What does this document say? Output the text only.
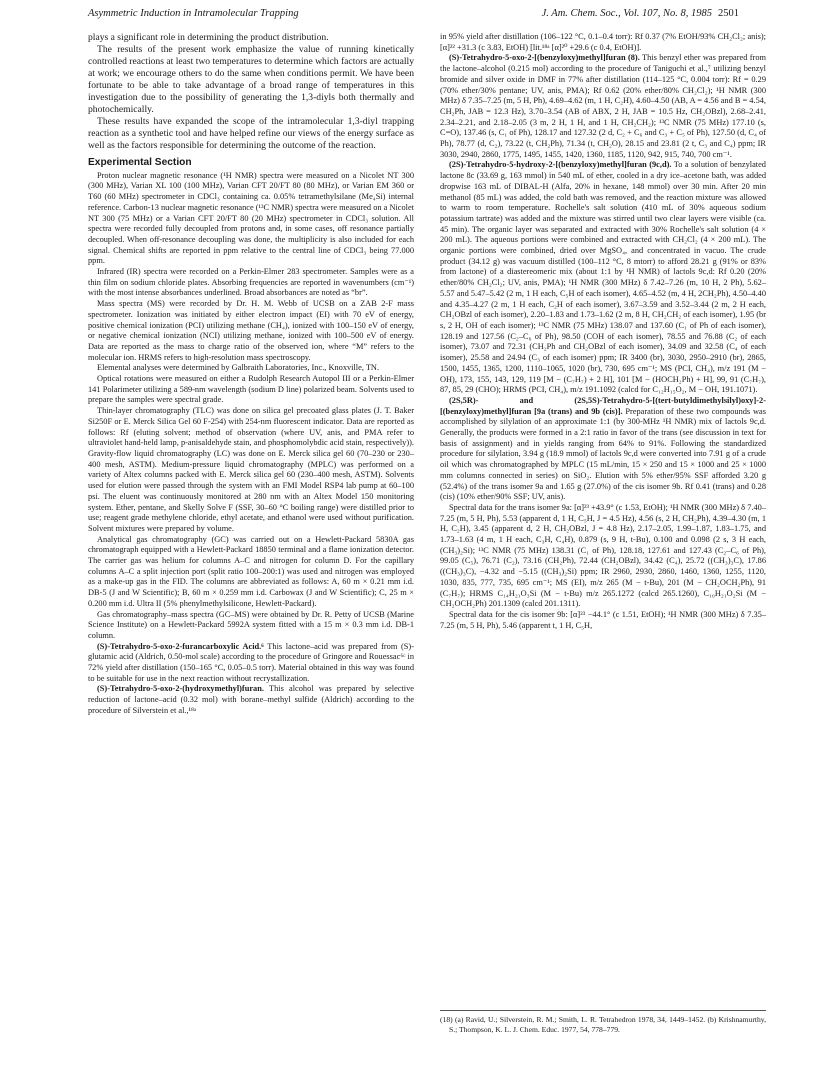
Asymmetric Induction in Intramolecular Trapping	J. Am. Chem. Soc., Vol. 107, No. 8, 1985 2501

plays a significant role in determining the product distribution.

The results of the present work emphasize the value of running kinetically controlled reactions at least two temperatures to determine which factors are actually at work; we encourage others to do the same when conditions permit. We have been fortunate to be able to take advantage of a broad range of temperatures in this investigation due to the possibility of generating the 1,3-diyls both thermally and photochemically.

These results have expanded the scope of the intramolecular 1,3-diyl trapping reaction as a synthetic tool and have helped refine our views of the energy surface as well as the factors responsible for determining the outcome of the reaction.

Experimental Section

Proton nuclear magnetic resonance (¹H NMR) spectra were measured on a Nicolet NT 300 (300 MHz), Varian XL 100 (100 MHz), Varian CFT 20/FT 80 (80 MHz), or Varian EM 360 or T60 (60 MHz) spectrometer in CDCl₃ containing ca. 0.05% tetramethylsilane (Me₄Si) internal reference. Carbon-13 nuclear magnetic resonance (¹³C NMR) spectra were measured on a Nicolet NT 300 (75 MHz) or a Varian CFT 20/FT 80 (20 MHz) spectrometer in CDCl₃ solution. All spectra were recorded fully decoupled from protons and, in some cases, off resonance partially decoupled. When off-resonance decoupling was done, the multiplicity is also included for each signal. Chemical shifts are reported in ppm relative to the central line of CDCl₃ being 77.000 ppm.

Infrared (IR) spectra were recorded on a Perkin-Elmer 283 spectrometer. Samples were as a thin film on sodium chloride plates. Absorbing frequencies are reported in wavenumbers (cm⁻¹) with the most intense absorbances underlined. Broad absorbances are noted as “br”.

Mass spectra (MS) were recorded by Dr. H. M. Webb of UCSB on a ZAB 2-F mass spectrometer. Ionization was initiated by either electron impact (EI) with 70 eV of energy, positive chemical ionization (PCI) utilizing methane (CH₄), ionized with 100–150 eV of energy, or negative chemical ionization (NCI) utilizing methane, ionized with 100–500 eV of energy. Data are reported as the mass to charge ratio of the observed ion, where “M” refers to the molecular ion. HRMS refers to high-resolution mass spectroscopy.

Elemental analyses were determined by Galbraith Laboratories, Inc., Knoxville, TN.

Optical rotations were measured on either a Rudolph Research Autopol III or a Perkin-Elmer 141 Polarimeter utilizing a 589-nm wavelength (sodium D line) polarized beam. Solvents used to prepare the samples were spectral grade.

Thin-layer chromatography (TLC) was done on silica gel precoated glass plates (J. T. Baker Si250F or E. Merck Silica Gel 60 F-254) with 254-nm fluorescent indicator. Data are reported as follows: Rf (eluting solvent; method of observation (where UV, anis, and PMA refer to ultraviolet hand-held lamp, p-anisaldehyde stain, and phosphomolybdic acid stain, respectively)). Gravity-flow liquid chromatography (LC) was done on E. Merck silica gel 60 (70–230 or 230–400 mesh, ASTM). Medium-pressure liquid chromatography (MPLC) was performed on a variety of Altex columns packed with E. Merck silica gel 60 (230–400 mesh, ASTM). Solvents used for elution were passed through the system with an FMI Model RSP4 lab pump at 60–100 psi. The eluent was continuously monitored at 280 nm with an Altex Model 150 monitoring system. Ether, pentane, and Skelly Solve F (SSF, 30–60 °C boiling range) were distilled prior to use; reagent grade methylene chloride, ethyl acetate, and ethanol were used without purification. Solvent mixtures were prepared by volume.

Analytical gas chromatography (GC) was carried out on a Hewlett-Packard 5830A gas chromatograph equipped with a Hewlett-Packard 18850 terminal and a flame ionization detector. The carrier gas was helium for columns A–C and nitrogen for column D. For the capillary columns A–C a split injection port (split ratio 100–200:1) was used and nitrogen was employed as a make-up gas in the FID. The columns are abbreviated as follows: A, 60 m × 0.21 mm i.d. DB-5 (J and W Scientific); B, 60 m × 0.259 mm i.d. Carbowax (J and W Scientific); C, 25 m × 0.200 mm i.d. Ultra II (5% phenylmethylsilicone, Hewlett-Packard).

Gas chromatography–mass spectra (GC–MS) were obtained by Dr. R. Petty of UCSB (Marine Science Institute) on a Hewlett-Packard 5992A system fitted with a 15 m × 0.3 mm i.d. DB-1 column.

(S)-Tetrahydro-5-oxo-2-furancarboxylic Acid.⁶ This lactone–acid was prepared from (S)-glutamic acid (Aldrich, 0.50-mol scale) according to the procedure of Gringore and Rouessac⁶ᶜ in 72% yield after distillation (150–165 °C, 0.05–0.5 torr). Material obtained in this way was found to be suitable for use in the next reaction without recrystallization.

(S)-Tetrahydro-5-oxo-2-(hydroxymethyl)furan. This alcohol was prepared by selective reduction of lactone–acid (0.32 mol) with borane–methyl sulfide (Aldrich) according to the procedure of Silverstein et al.,¹⁸ᵃ

in 95% yield after distillation (106–122 °C, 0.1–0.4 torr): Rf 0.37 (7% EtOH/93% CH₂Cl₂; anis); [α]²² +31.3 (c 3.83, EtOH) [lit.¹⁸ᵃ [α]²⁰ +29.6 (c 0.4, EtOH)].

(S)-Tetrahydro-5-oxo-2-[(benzyloxy)methyl]furan (8). This benzyl ether was prepared from the lactone–alcohol (0.215 mol) according to the procedure of Taniguchi et al.,⁷ utilizing benzyl bromide and silver oxide in DMF in 77% after distillation (114–125 °C, 0.004 torr): Rf = 0.29 (70% ether/30% pentane; UV, anis, PMA); Rf 0.62 (20% ether/80% CH₂Cl₂); ¹H NMR (300 MHz) δ 7.35–7.25 (m, 5 H, Ph), 4.69–4.62 (m, 1 H, C₂H), 4.60–4.50 (AB, A = 4.56 and B = 4.54, CH₂Ph, JAB = 12.3 Hz), 3.70–3.54 (AB of ABX, 2 H, JAB = 10.5 Hz, CH₂OBzl), 2.68–2.41, 2.34–2.21, and 2.18–2.05 (3 m, 2 H, 1 H, and 1 H, CH₂CH₂); ¹³C NMR (75 MHz) 177.10 (s, C=O), 137.46 (s, C₁ of Ph), 128.17 and 127.32 (2 d, C₂ + C₆ and C₃ + C₅ of Ph), 127.50 (d, C₄ of Ph), 78.77 (d, C₂), 73.22 (t, CH₂Ph), 71.34 (t, CH₂O), 28.15 and 23.81 (2 t, C₃ and C₄) ppm; IR 3030, 2940, 2860, 1775, 1495, 1455, 1420, 1360, 1185, 1120, 942, 915, 740, 700 cm⁻¹.

(2S)-Tetrahydro-5-hydroxy-2-[(benzyloxy)methyl]furan (9c,d). To a solution of benzylated lactone 8c (33.69 g, 163 mmol) in 540 mL of ether, cooled in a dry ice–acetone bath, was added dropwise 163 mL of DIBAL-H (Alfa, 20% in hexane, 148 mmol) over 30 min. After 20 min methanol (85 mL) was added, the cold bath was removed, and the reaction mixture was allowed to warm to room temperature. Rochelle's salt solution (410 mL of 30% aqueous sodium potassium tartrate) was added and the mixture was stirred until two clear layers were visible (ca. 45 min). The organic layer was separated and extracted with 30% Rochelle's salt solution (4 × 200 mL). The aqueous portions were combined and extracted with CH₂Cl₂ (4 × 200 mL). The organic portions were combined, dried over MgSO₄, and concentrated in vacuo. The crude product (34.12 g) was vacuum distilled (100–112 °C, 8 mtorr) to afford 28.21 g (91% or 83% from lactone) of a diastereomeric mix (about 1:1 by ¹H NMR) of lactols 9c,d: Rf 0.20 (20% ether/80% CH₂Cl₂; UV, anis, PMA); ¹H NMR (300 MHz) δ 7.42–7.26 (m, 10 H, 2 Ph), 5.62–5.57 and 5.47–5.42 (2 m, 1 H each, C₅H of each isomer), 4.65–4.52 (m, 4 H, 2CH₂Ph), 4.50–4.40 and 4.35–4.27 (2 m, 1 H each, C₂H of each isomer), 3.67–3.59 and 3.52–3.44 (2 m, 2 H each, CH₂OBzl of each isomer), 2.20–1.83 and 1.73–1.62 (2 m, 8 H, CH₂CH₂ of each isomer), 1.95 (br s, 2 H, OH of each isomer); ¹³C NMR (75 MHz) 138.07 and 137.60 (C₁ of Ph of each isomer), 128.19 and 127.56 (C₂–C₆ of Ph), 98.50 (COH of each isomer), 78.55 and 76.88 (C₂ of each isomer), 73.07 and 72.31 (CH₂Ph and CH₂OBzl of each isomer), 34.09 and 32.58 (C₄ of each isomer), 25.58 and 24.94 (C₃ of each isomer) ppm; IR 3400 (br), 3030, 2950–2910 (br), 2865, 1500, 1455, 1365, 1200, 1110–1065, 1020 (br), 730, 695 cm⁻¹; MS (PCI, CH₄), m/z 191 (M − OH), 173, 155, 143, 129, 119 [M − (C₇H₇) + 2 H], 101 [M − (HOCH₂Ph) + H], 99, 91 (C₇H₇), 87, 85, 29 (CHO); HRMS (PCI, CH₄), m/z 191.1092 (calcd for C₁₂H₁₅O₂, M − OH, 191.1071).

(2S,5R)- and (2S,5S)-Tetrahydro-5-[(tert-butyldimethylsilyl)oxy]-2-[(benzyloxy)methyl]furan [9a (trans) and 9b (cis)]. Preparation of these two compounds was accomplished by silylation of an approximate 1:1 (by 300-MHz ¹H NMR) mix of lactols 9c,d. Generally, the products were formed in a 2:1 ratio in favor of the trans (see discussion in text for basis of assignment) and in yields ranging from 64% to 91%. Following the standardized procedure for silylation, 3.94 g (18.9 mmol) of lactols 9c,d were converted into 7.91 g of a crude oil which was chromatographed by MPLC (15 mL/min, 15 × 250 and 15 × 1000 and 25 × 1000 mm columns connected in series) on SiO₂. Elution with 5% ether/95% SSF afforded 3.20 g (52.4%) of the trans isomer 9a and 1.65 g (27.0%) of the cis isomer 9b. Rf 0.41 (trans) and 0.28 (cis) (10% ether/90% SSF; UV, anis).

Spectral data for the trans isomer 9a: [α]²³ +43.9° (c 1.53, EtOH); ¹H NMR (300 MHz) δ 7.40–7.25 (m, 5 H, Ph), 5.53 (apparent d, 1 H, C₅H, J = 4.5 Hz), 4.56 (s, 2 H, CH₂Ph), 4.39–4.30 (m, 1 H, C₂H), 3.45 (apparent d, 2 H, CH₂OBzl, J = 4.8 Hz), 2.17–2.05, 1.99–1.87, 1.83–1.75, and 1.73–1.63 (4 m, 1 H each, C₃H, C₄H), 0.879 (s, 9 H, t-Bu), 0.100 and 0.098 (2 s, 3 H each, (CH₃)₂Si); ¹³C NMR (75 MHz) 138.31 (C₁ of Ph), 128.18, 127.61 and 127.43 (C₂–C₆ of Ph), 99.05 (C₅), 76.71 (C₂), 73.16 (CH₂Ph), 72.44 (CH₂OBzl), 34.42 (C₄), 25.72 ((CH₃)₃C), 17.86 ((CH₃)₃C), −4.32 and −5.15 ((CH₃)₂Si) ppm; IR 2960, 2930, 2860, 1460, 1360, 1255, 1120, 1030, 835, 777, 735, 695 cm⁻¹; MS (EI), m/z 265 (M − t-Bu), 201 (M − CH₂OCH₂Ph), 91 (C₇H₇); HRMS C₁₄H₂₁O₃Si (M − t-Bu) m/z 265.1272 (calcd 265.1260), C₁₀H₂₁O₂Si (M − CH₂OCH₂Ph) 201.1309 (calcd 201.1311).

Spectral data for the cis isomer 9b: [α]²³ −44.1° (c 1.51, EtOH); ¹H NMR (300 MHz) δ 7.35–7.25 (m, 5 H, Ph), 5.46 (apparent t, 1 H, C₅H,

(18) (a) Ravid, U.; Silverstein, R. M.; Smith, L. R. Tetrahedron 1978, 34, 1449–1452. (b) Krishnamurthy, S.; Thompson, K. L. J. Chem. Educ. 1977, 54, 778–779.
